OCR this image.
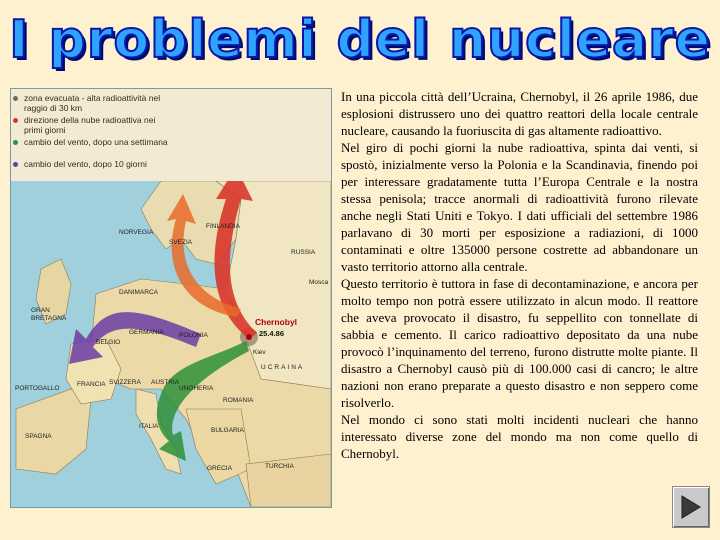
I problemi del nucleare
zona evacuata - alta radioattività nel raggio di 30 km
direzione della nube radioattiva nei primi giorni
cambio del vento, dopo una settimana
cambio del vento, dopo 10 giorni
FINLANDIA
NORVEGIA
SVEZIA
RUSSIA
Mosca
DANIMARCA
GRAN BRETAGNA
GERMANIA POLONIA
BELGIO
Kiev
UCRAINA
FRANCIA SVIZZERA AUSTRIA
UNGHERIA
ROMANIA
PORTOGALLO
SPAGNA
ITALIA
BULGARIA
GRECIA	TURCHIA
Chernobyl
25.4.86

In una piccola città dell’Ucraina, Chernobyl, il 26 aprile 1986, due esplosioni distrussero uno dei quattro reattori della locale centrale nucleare, causando la fuoriuscita di gas altamente radioattivo.

Nel giro di pochi giorni la nube radioattiva, spinta dai venti, si spostò, inizialmente verso la Polonia e la Scandinavia, finendo poi per interessare gradatamente tutta l’Europa Centrale e la nostra stessa penisola; tracce anormali di radioattività furono rilevate anche negli Stati Uniti e Tokyo. I dati ufficiali del settembre 1986 parlavano di 30 morti per esposizione a radiazioni, di 1000 contaminati e oltre 135000 persone costrette ad abbandonare un vasto territorio attorno alla centrale.

Questo territorio è tuttora in fase di decontaminazione, e ancora per molto tempo non potrà essere utilizzato in alcun modo. Il reattore che aveva provocato il disastro, fu seppellito con tonnellate di sabbia e cemento. Il carico radioattivo depositato da una nube provocò l’inquinamento del terreno, furono distrutte molte piante. Il disastro a Chernobyl causò più di 100.000 casi di cancro; le altre nazioni non erano preparate a questo disastro e non seppero come risolverlo.

Nel mondo ci sono stati molti incidenti nucleari che hanno interessato diverse zone del mondo ma non come quello di Chernobyl.
